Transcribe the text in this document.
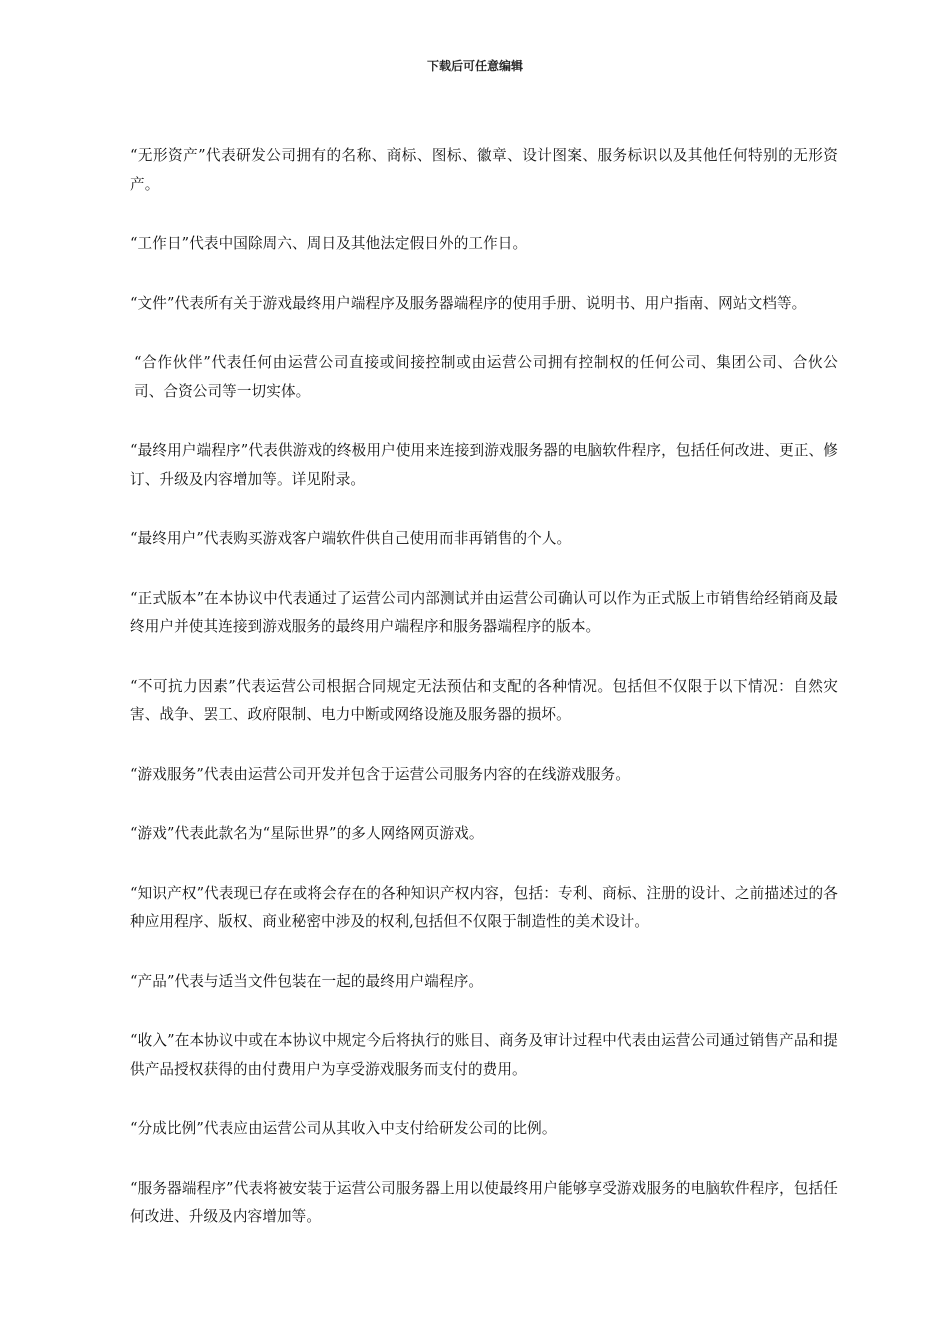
下载后可任意编辑

“无形资产”代表研发公司拥有的名称、商标、图标、徽章、设计图案、服务标识以及其他任何特别的无形资产。

“工作日”代表中国除周六、周日及其他法定假日外的工作日。

“文件”代表所有关于游戏最终用户端程序及服务器端程序的使用手册、说明书、用户指南、网站文档等。

“合作伙伴”代表任何由运营公司直接或间接控制或由运营公司拥有控制权的任何公司、集团公司、合伙公司、合资公司等一切实体。

“最终用户端程序”代表供游戏的终极用户使用来连接到游戏服务器的电脑软件程序，包括任何改进、更正、修订、升级及内容增加等。详见附录。

“最终用户”代表购买游戏客户端软件供自己使用而非再销售的个人。

“正式版本”在本协议中代表通过了运营公司内部测试并由运营公司确认可以作为正式版上市销售给经销商及最终用户并使其连接到游戏服务的最终用户端程序和服务器端程序的版本。

“不可抗力因素”代表运营公司根据合同规定无法预估和支配的各种情况。包括但不仅限于以下情况：自然灾害、战争、罢工、政府限制、电力中断或网络设施及服务器的损坏。

“游戏服务”代表由运营公司开发并包含于运营公司服务内容的在线游戏服务。

“游戏”代表此款名为“星际世界”的多人网络网页游戏。

“知识产权”代表现已存在或将会存在的各种知识产权内容，包括：专利、商标、注册的设计、之前描述过的各种应用程序、版权、商业秘密中涉及的权利,包括但不仅限于制造性的美术设计。

“产品”代表与适当文件包装在一起的最终用户端程序。

“收入”在本协议中或在本协议中规定今后将执行的账目、商务及审计过程中代表由运营公司通过销售产品和提供产品授权获得的由付费用户为享受游戏服务而支付的费用。

“分成比例”代表应由运营公司从其收入中支付给研发公司的比例。

“服务器端程序”代表将被安装于运营公司服务器上用以使最终用户能够享受游戏服务的电脑软件程序，包括任何改进、升级及内容增加等。
